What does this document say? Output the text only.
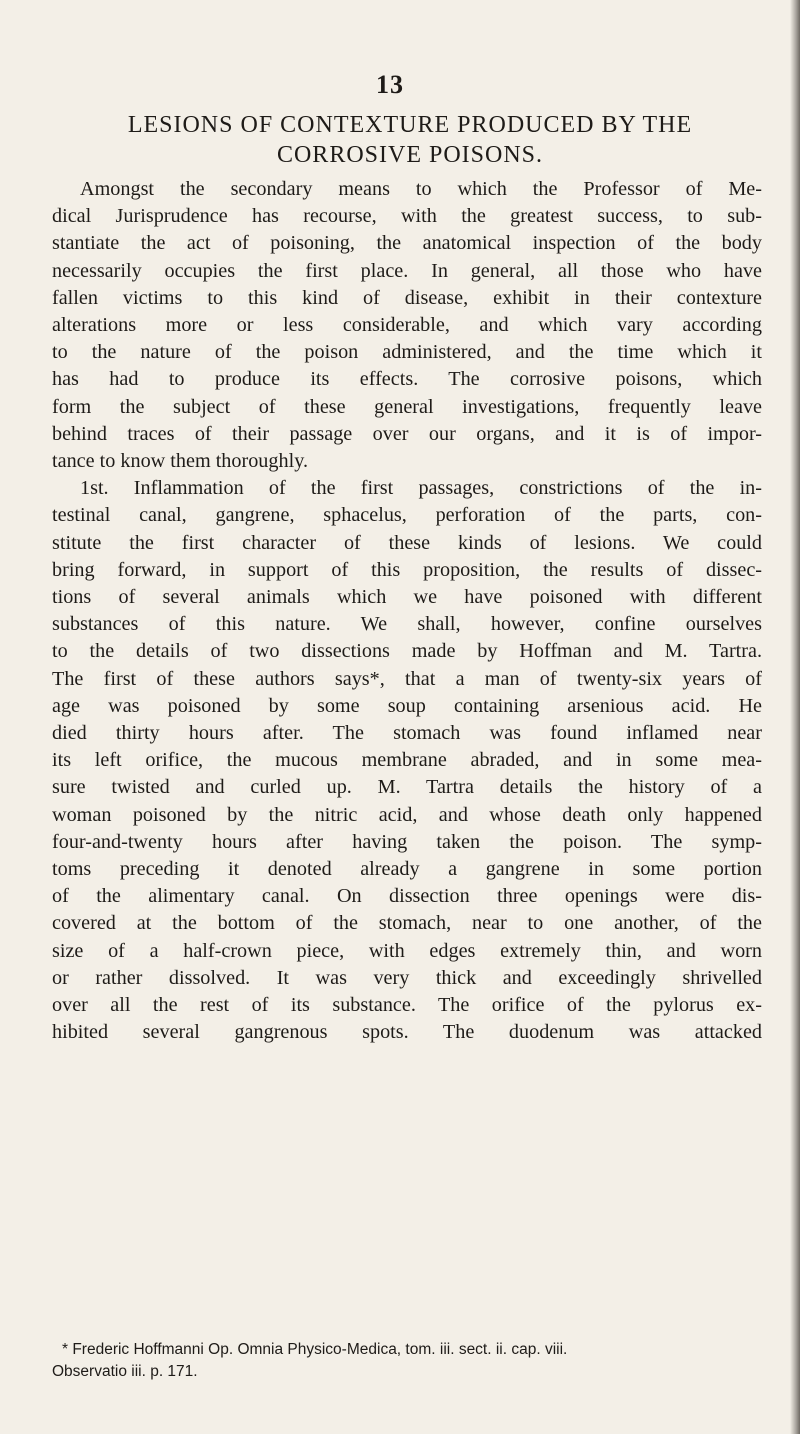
13
LESIONS OF CONTEXTURE PRODUCED BY THE
CORROSIVE POISONS.
Amongst the secondary means to which the Professor of Me-
dical Jurisprudence has recourse, with the greatest success, to sub-
stantiate the act of poisoning, the anatomical inspection of the body
necessarily occupies the first place. In general, all those who have
fallen victims to this kind of disease, exhibit in their contexture
alterations more or less considerable, and which vary according
to the nature of the poison administered, and the time which it
has had to produce its effects. The corrosive poisons, which
form the subject of these general investigations, frequently leave
behind traces of their passage over our organs, and it is of impor-
tance to know them thoroughly.
1st. Inflammation of the first passages, constrictions of the in-
testinal canal, gangrene, sphacelus, perforation of the parts, con-
stitute the first character of these kinds of lesions. We could
bring forward, in support of this proposition, the results of dissec-
tions of several animals which we have poisoned with different
substances of this nature. We shall, however, confine ourselves
to the details of two dissections made by Hoffman and M. Tartra.
The first of these authors says*, that a man of twenty-six years of
age was poisoned by some soup containing arsenious acid. He
died thirty hours after. The stomach was found inflamed near
its left orifice, the mucous membrane abraded, and in some mea-
sure twisted and curled up. M. Tartra details the history of a
woman poisoned by the nitric acid, and whose death only happened
four-and-twenty hours after having taken the poison. The symp-
toms preceding it denoted already a gangrene in some portion
of the alimentary canal. On dissection three openings were dis-
covered at the bottom of the stomach, near to one another, of the
size of a half-crown piece, with edges extremely thin, and worn
or rather dissolved. It was very thick and exceedingly shrivelled
over all the rest of its substance. The orifice of the pylorus ex-
hibited several gangrenous spots. The duodenum was attacked
* Frederic Hoffmanni Op. Omnia Physico-Medica, tom. iii. sect. ii. cap. viii.
Observatio iii. p. 171.
